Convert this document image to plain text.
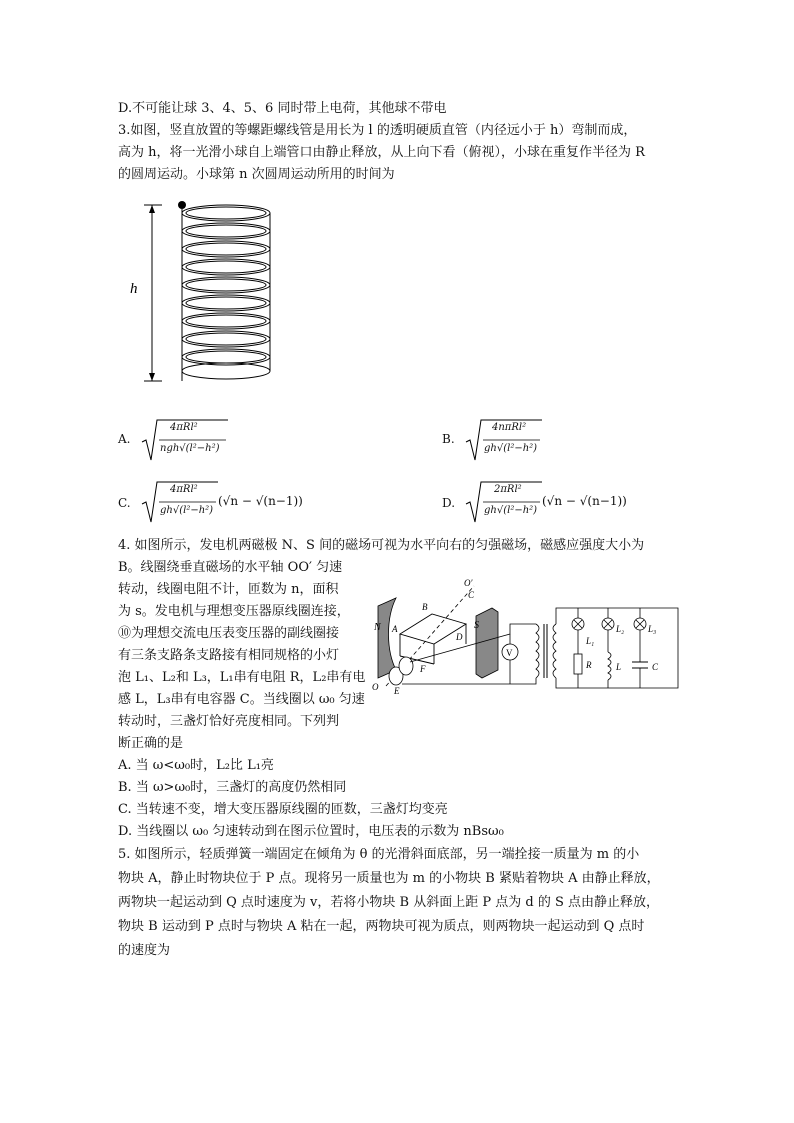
D.不可能让球 3、4、5、6 同时带上电荷，其他球不带电
3.如图，竖直放置的等螺距螺线管是用长为 l 的透明硬质直管（内径远小于 h）弯制而成，
高为 h，将一光滑小球自上端管口由静止释放，从上向下看（俯视），小球在重复作半径为 R
的圆周运动。小球第 n 次圆周运动所用的时间为
h
A.
4πRl²
ngh√(l²−h²)
B.
4nπRl²
gh√(l²−h²)
C.
4πRl²
gh√(l²−h²)
(√n − √(n−1))	D.
2πRl²
gh√(l²−h²)
(√n − √(n−1))
4. 如图所示，发电机两磁极 N、S 间的磁场可视为水平向右的匀强磁场，磁感应强度大小为
B。线圈绕垂直磁场的水平轴 OO′ 匀速
转动，线圈电阻不计，匝数为 n，面积
为 s。发电机与理想变压器原线圈连接，
⑩为理想交流电压表变压器的副线圈接
有三条支路条支路接有相同规格的小灯
泡 L₁、L₂和 L₃，L₁串有电阻 R，L₂串有电
感 L，L₃串有电容器 C。当线圈以 ω₀ 匀速
转动时，三盏灯恰好亮度相同。下列判
断正确的是
N	S
A
B
C
D
O′
O E
F
V
L₁
R
L₂
L
L₃
C
A. 当 ω<ω₀时，L₂比 L₁亮
B. 当 ω>ω₀时，三盏灯的高度仍然相同
C. 当转速不变，增大变压器原线圈的匝数，三盏灯均变亮
D. 当线圈以 ω₀ 匀速转动到在图示位置时，电压表的示数为 nBsω₀
5. 如图所示，轻质弹簧一端固定在倾角为 θ 的光滑斜面底部，另一端拴接一质量为 m 的小
物块 A，静止时物块位于 P 点。现将另一质量也为 m 的小物块 B 紧贴着物块 A 由静止释放，
两物块一起运动到 Q 点时速度为 v，若将小物块 B 从斜面上距 P 点为 d 的 S 点由静止释放，
物块 B 运动到 P 点时与物块 A 粘在一起，两物块可视为质点，则两物块一起运动到 Q 点时
的速度为
